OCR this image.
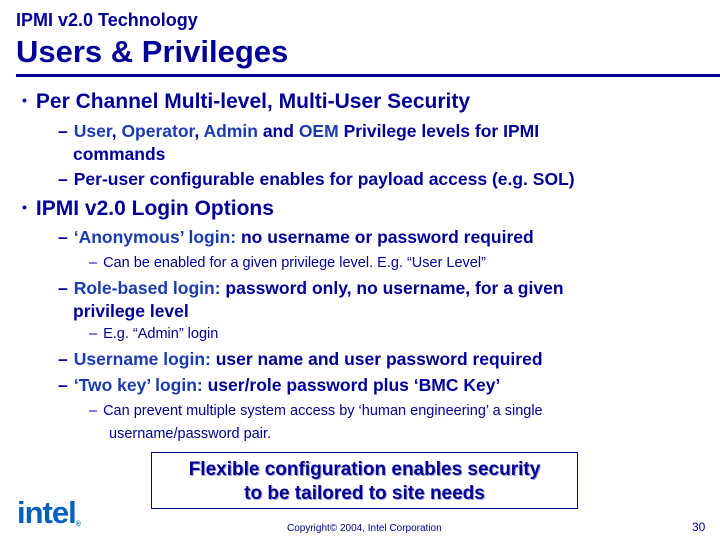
IPMI v2.0 Technology
Users & Privileges
• Per Channel Multi-level, Multi-User Security
– User, Operator, Admin and OEM Privilege levels for IPMI
commands
– Per-user configurable enables for payload access (e.g. SOL)
• IPMI v2.0 Login Options
– ‘Anonymous’ login: no username or password required
– Can be enabled for a given privilege level. E.g. “User Level”
– Role-based login: password only, no username, for a given
privilege level
– E.g. “Admin” login
– Username login: user name and user password required
– ‘Two key’ login: user/role password plus ‘BMC Key’
– Can prevent multiple system access by ‘human engineering’ a single
username/password pair.
Flexible configuration enables security
to be tailored to site needs
intel$_®$	Copyright© 2004, Intel Corporation	30
